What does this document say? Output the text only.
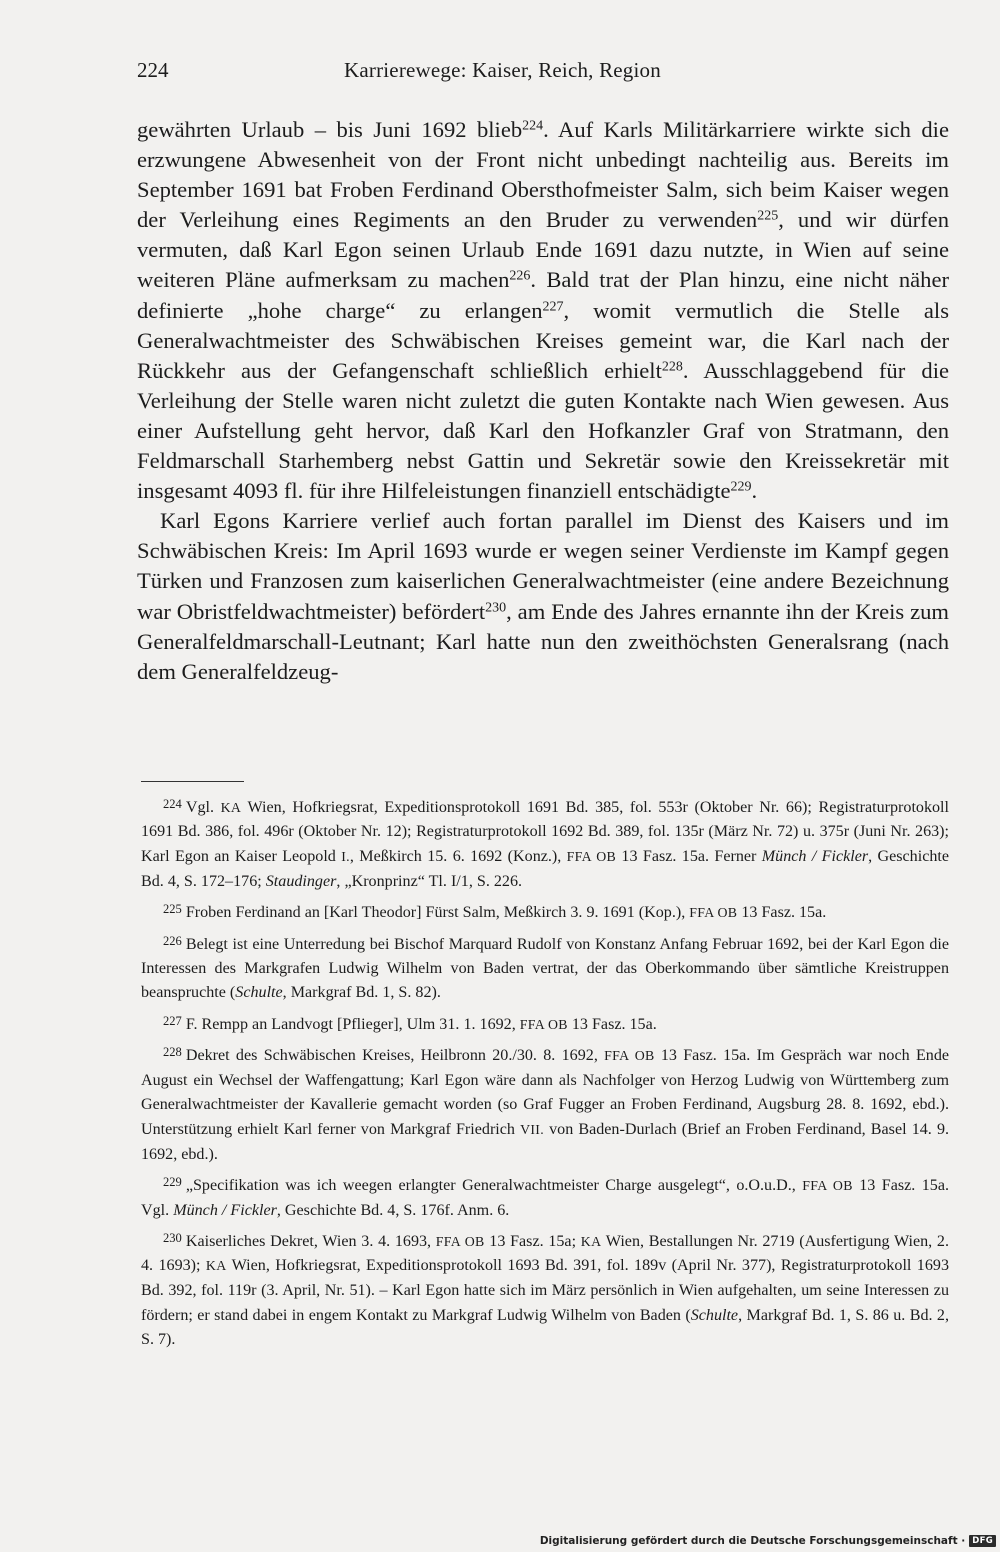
224	Karrierewege: Kaiser, Reich, Region

gewährten Urlaub – bis Juni 1692 blieb$^{224}$. Auf Karls Militärkarriere wirkte sich die erzwungene Abwesenheit von der Front nicht unbedingt nachteilig aus. Bereits im September 1691 bat Froben Ferdinand Obersthofmeister Salm, sich beim Kaiser wegen der Verleihung eines Regiments an den Bruder zu verwenden$^{225}$, und wir dürfen vermuten, daß Karl Egon seinen Urlaub Ende 1691 dazu nutzte, in Wien auf seine weiteren Pläne aufmerksam zu machen$^{226}$. Bald trat der Plan hinzu, eine nicht näher definierte „hohe charge“ zu erlangen$^{227}$, womit vermutlich die Stelle als Generalwachtmeister des Schwäbischen Kreises gemeint war, die Karl nach der Rückkehr aus der Gefangenschaft schließlich erhielt$^{228}$. Ausschlaggebend für die Verleihung der Stelle waren nicht zuletzt die guten Kontakte nach Wien gewesen. Aus einer Aufstellung geht hervor, daß Karl den Hofkanzler Graf von Stratmann, den Feldmarschall Starhemberg nebst Gattin und Sekretär sowie den Kreissekretär mit insgesamt 4093 fl. für ihre Hilfeleistungen finanziell entschädigte$^{229}$.

Karl Egons Karriere verlief auch fortan parallel im Dienst des Kaisers und im Schwäbischen Kreis: Im April 1693 wurde er wegen seiner Verdienste im Kampf gegen Türken und Franzosen zum kaiserlichen Generalwachtmeister (eine andere Bezeichnung war Obristfeldwachtmeister) befördert$^{230}$, am Ende des Jahres ernannte ihn der Kreis zum Generalfeldmarschall-Leutnant; Karl hatte nun den zweithöchsten Generalsrang (nach dem Generalfeldzeug-

$^{224}$ Vgl. KA Wien, Hofkriegsrat, Expeditionsprotokoll 1691 Bd. 385, fol. 553r (Oktober Nr. 66); Registraturprotokoll 1691 Bd. 386, fol. 496r (Oktober Nr. 12); Registraturprotokoll 1692 Bd. 389, fol. 135r (März Nr. 72) u. 375r (Juni Nr. 263); Karl Egon an Kaiser Leopold I., Meßkirch 15. 6. 1692 (Konz.), FFA OB 13 Fasz. 15a. Ferner Münch / Fickler, Geschichte Bd. 4, S. 172–176; Staudinger, „Kronprinz“ Tl. I/1, S. 226.

$^{225}$ Froben Ferdinand an [Karl Theodor] Fürst Salm, Meßkirch 3. 9. 1691 (Kop.), FFA OB 13 Fasz. 15a.

$^{226}$ Belegt ist eine Unterredung bei Bischof Marquard Rudolf von Konstanz Anfang Februar 1692, bei der Karl Egon die Interessen des Markgrafen Ludwig Wilhelm von Baden vertrat, der das Oberkommando über sämtliche Kreistruppen beanspruchte (Schulte, Markgraf Bd. 1, S. 82).

$^{227}$ F. Rempp an Landvogt [Pflieger], Ulm 31. 1. 1692, FFA OB 13 Fasz. 15a.

$^{228}$ Dekret des Schwäbischen Kreises, Heilbronn 20./30. 8. 1692, FFA OB 13 Fasz. 15a. Im Gespräch war noch Ende August ein Wechsel der Waffengattung; Karl Egon wäre dann als Nachfolger von Herzog Ludwig von Württemberg zum Generalwachtmeister der Kavallerie gemacht worden (so Graf Fugger an Froben Ferdinand, Augsburg 28. 8. 1692, ebd.). Unterstützung erhielt Karl ferner von Markgraf Friedrich VII. von Baden-Durlach (Brief an Froben Ferdinand, Basel 14. 9. 1692, ebd.).

$^{229}$ „Specifikation was ich weegen erlangter Generalwachtmeister Charge ausgelegt“, o.O.u.D., FFA OB 13 Fasz. 15a. Vgl. Münch / Fickler, Geschichte Bd. 4, S. 176f. Anm. 6.

$^{230}$ Kaiserliches Dekret, Wien 3. 4. 1693, FFA OB 13 Fasz. 15a; KA Wien, Bestallungen Nr. 2719 (Ausfertigung Wien, 2. 4. 1693); KA Wien, Hofkriegsrat, Expeditionsprotokoll 1693 Bd. 391, fol. 189v (April Nr. 377), Registraturprotokoll 1693 Bd. 392, fol. 119r (3. April, Nr. 51). – Karl Egon hatte sich im März persönlich in Wien aufgehalten, um seine Interessen zu fördern; er stand dabei in engem Kontakt zu Markgraf Ludwig Wilhelm von Baden (Schulte, Markgraf Bd. 1, S. 86 u. Bd. 2, S. 7).

Digitalisierung gefördert durch die Deutsche Forschungsgemeinschaft · DFG
